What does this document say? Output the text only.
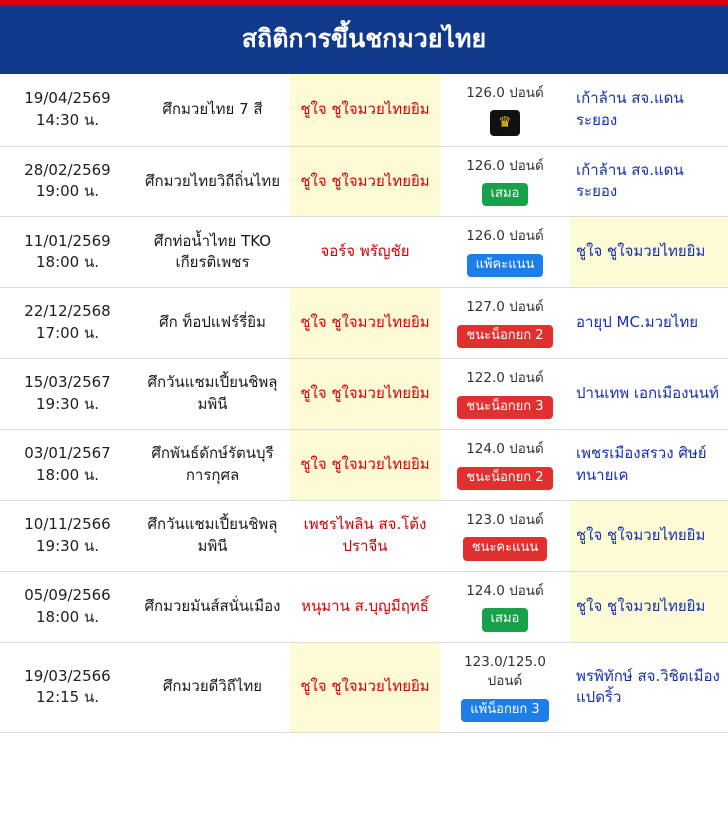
สถิติการขึ้นชกมวยไทย
19/04/2569
14:30 น.	ศึกมวยไทย 7 สี	ชูใจ ชูใจมวยไทยยิม	126.0 ปอนด์
♛	เก้าล้าน สจ.แดนระยอง

28/02/2569
19:00 น.	ศึกมวยไทยวิถีถิ่นไทย	ชูใจ ชูใจมวยไทยยิม	126.0 ปอนด์
เสมอ	เก้าล้าน สจ.แดนระยอง

11/01/2569
18:00 น.	ศึกท่อน้ำไทย TKO เกียรติเพชร	จอร์จ พรัญชัย	126.0 ปอนด์
แพ้คะแนน	ชูใจ ชูใจมวยไทยยิม

22/12/2568
17:00 น.	ศึก ท็อปแฟร์รี่ยิม	ชูใจ ชูใจมวยไทยยิม	127.0 ปอนด์
ชนะน็อกยก 2	อายุป MC.มวยไทย

15/03/2567
19:30 น.	ศึกวันแชมเปี้ยนชิพลุมพินี	ชูใจ ชูใจมวยไทยยิม	122.0 ปอนด์
ชนะน็อกยก 3	ปานเทพ เอกเมืองนนท์

03/01/2567
18:00 น.	ศึกพันธ์ดักษ์รัตนบุรีการกุศล	ชูใจ ชูใจมวยไทยยิม	124.0 ปอนด์
ชนะน็อกยก 2	เพชรเมืองสรวง ศิษย์ทนายเค

10/11/2566
19:30 น.	ศึกวันแชมเปี้ยนชิพลุมพินี	เพชรไพลิน สจ.โต้งปราจีน	123.0 ปอนด์
ชนะคะแนน	ชูใจ ชูใจมวยไทยยิม

05/09/2566
18:00 น.	ศึกมวยมันส์สนั่นเมือง	หนุมาน ส.บุญมีฤทธิ์	124.0 ปอนด์
เสมอ	ชูใจ ชูใจมวยไทยยิม

19/03/2566
12:15 น.	ศึกมวยดีวิถีไทย	ชูใจ ชูใจมวยไทยยิม	123.0/125.0 ปอนด์
แพ้น็อกยก 3	พรพิทักษ์ สจ.วิชิตเมืองแปดริ้ว
